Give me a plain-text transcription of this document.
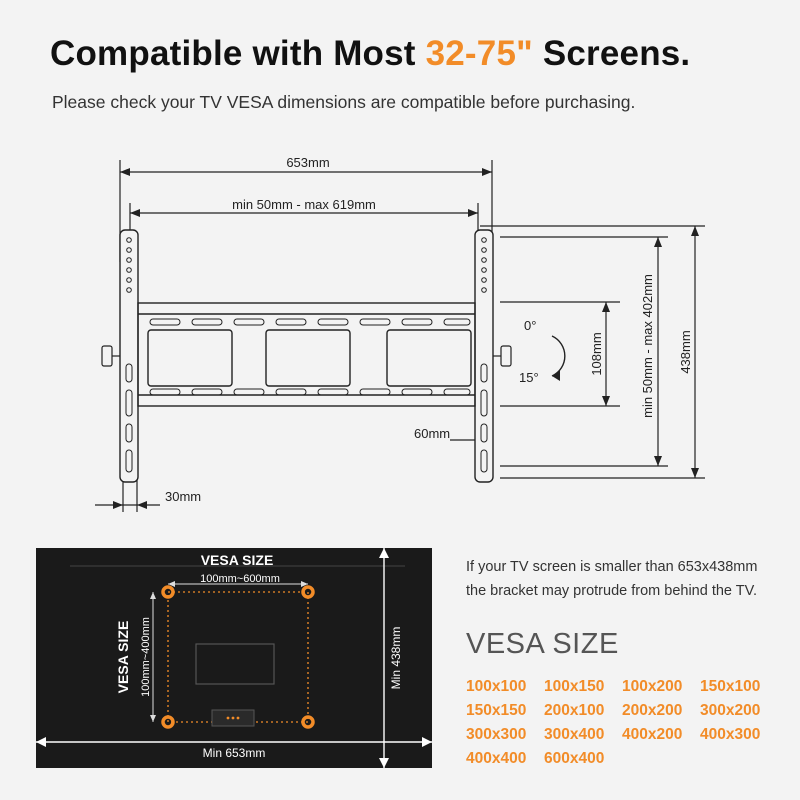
Compatible with Most 32-75" Screens.
Please check your TV VESA dimensions are compatible before purchasing.
653mm
min 50mm - max 619mm
438mm
min 50mm - max 402mm
108mm
0°
15°
60mm
30mm
VESA SIZE
100mm~600mm
VESA SIZE 100mm~400mm
Min 653mm
Min 438mm
If your TV screen is smaller than 653x438mm
the bracket may protrude from behind the TV.
VESA SIZE
100x100	100x150	100x200	150x100
150x150	200x100	200x200	300x200
300x300	300x400	400x200	400x300
400x400	600x400
